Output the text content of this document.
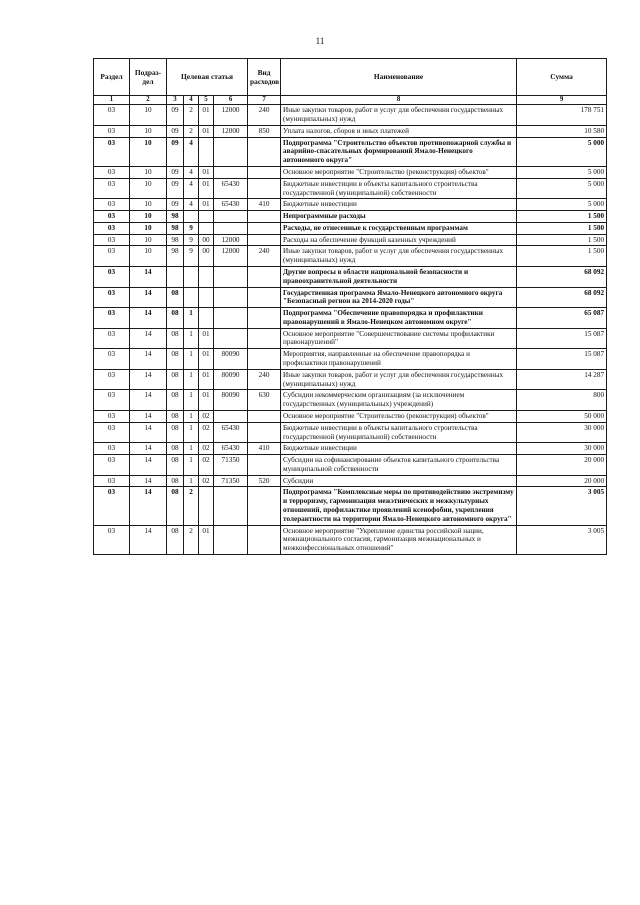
11
Раздел	Подраз-дел	Целевая статья				Вид расходов	Наименование	Сумма
1	2	3	4	5	6	7	8	9
03	10	09	2	01	12000	240	Иные закупки товаров, работ и услуг для обеспечения государственных (муниципальных) нужд	178 751
03	10	09	2	01	12000	850	Уплата налогов, сборов и иных платежей	10 580
03	10	09	4				Подпрограмма "Строительство объектов противопожарной службы и аварийно-спасательных формирований Ямало-Ненецкого автономного округа"	5 000
03	10	09	4	01			Основное мероприятие "Строительство (реконструкция) объектов"	5 000
03	10	09	4	01	65430		Бюджетные инвестиции в объекты капитального строительства государственной (муниципальной) собственности	5 000
03	10	09	4	01	65430	410	Бюджетные инвестиции	5 000
03	10	98					Непрограммные расходы	1 500
03	10	98	9				Расходы, не отнесенные к государственным программам	1 500
03	10	98	9	00	12000		Расходы на обеспечение функций казенных учреждений	1 500
03	10	98	9	00	12000	240	Иные закупки товаров, работ и услуг для обеспечения государственных (муниципальных) нужд	1 500
03	14						Другие вопросы в области национальной безопасности и правоохранительной деятельности	68 092
03	14	08					Государственная программа Ямало-Ненецкого автономного округа "Безопасный регион на 2014-2020 годы"	68 092
03	14	08	1				Подпрограмма "Обеспечение правопорядка и профилактики правонарушений в Ямало-Ненецком автономном округе"	65 087
03	14	08	1	01			Основное мероприятие "Совершенствование системы профилактики правонарушений"	15 087
03	14	08	1	01	80090		Мероприятия, направленные на обеспечение правопорядка и профилактики правонарушений	15 087
03	14	08	1	01	80090	240	Иные закупки товаров, работ и услуг для обеспечения государственных (муниципальных) нужд	14 287
03	14	08	1	01	80090	630	Субсидии некоммерческим организациям (за исключением государственных (муниципальных) учреждений)	800
03	14	08	1	02			Основное мероприятие "Строительство (реконструкция) объектов"	50 000
03	14	08	1	02	65430		Бюджетные инвестиции в объекты капитального строительства государственной (муниципальной) собственности	30 000
03	14	08	1	02	65430	410	Бюджетные инвестиции	30 000
03	14	08	1	02	71350		Субсидии на софинансирование объектов капитального строительства муниципальной собственности	20 000
03	14	08	1	02	71350	520	Субсидии	20 000
03	14	08	2				Подпрограмма "Комплексные меры по противодействию экстремизму и терроризму, гармонизация межэтнических и межкультурных отношений, профилактике проявлений ксенофобии, укрепления толерантности на территории Ямало-Ненецкого автономного округа"	3 005
03	14	08	2	01			Основное мероприятие "Укрепление единства российской нации, межнационального согласия, гармонизация межнациональных и межконфессиональных отношений"	3 005
